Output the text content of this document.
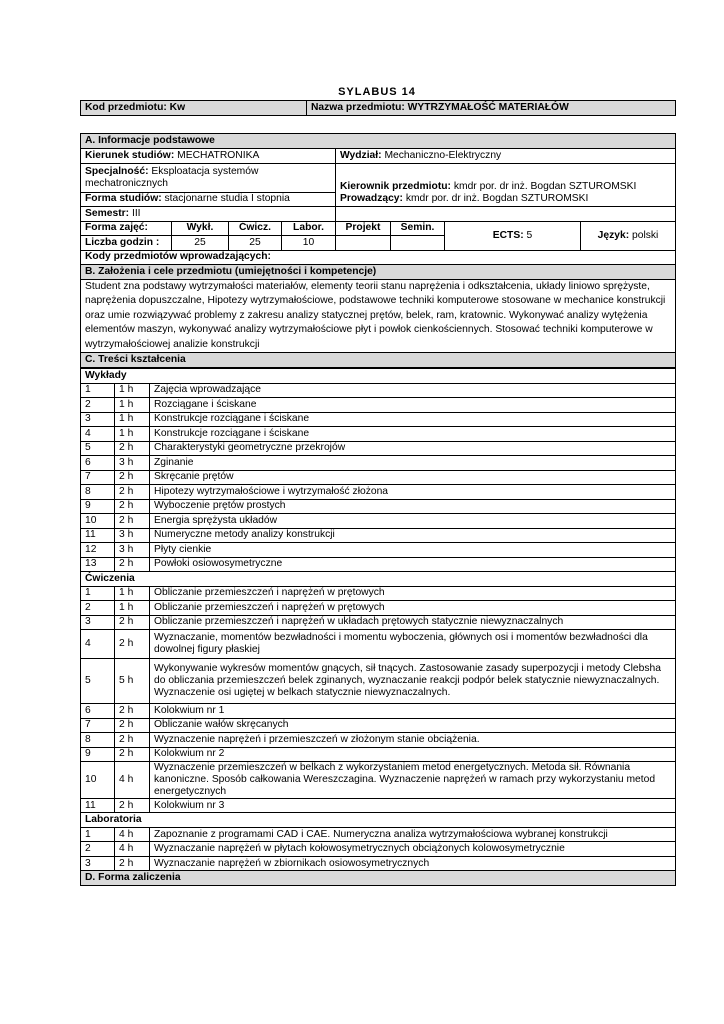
SYLABUS 14
Kod przedmiotu: Kw	Nazwa przedmiotu: WYTRZYMAŁOŚĆ MATERIAŁÓW
A. Informacje podstawowe							
Kierunek studiów: MECHATRONIKA				Wydział: Mechaniczno-Elektryczny			
Specjalność: Eksploatacja systemów mechatronicznych				Kierownik przedmiotu: kmdr por. dr inż. Bogdan SZTUROMSKI
Prowadzący: kmdr por. dr inż. Bogdan SZTUROMSKI			

Forma studiów: stacjonarne studia I stopnia							
Semestr: III							
Forma zajęć:	Wykł.	Ćwicz.	Labor.	Projekt	Semin.	ECTS: 5	Język: polski
Liczba godzin :	25	25	10				
Kody przedmiotów wprowadzających:							
B. Założenia i cele przedmiotu (umiejętności i kompetencje)							
Student zna podstawy wytrzymałości materiałów, elementy teorii stanu naprężenia i odkształcenia, układy liniowo sprężyste, naprężenia dopuszczalne, Hipotezy wytrzymałościowe, podstawowe techniki komputerowe stosowane w mechanice konstrukcji oraz umie rozwiązywać problemy z zakresu analizy statycznej prętów, belek, ram, kratownic. Wykonywać analizy wytężenia elementów maszyn, wykonywać analizy wytrzymałościowe płyt i powłok cienkościennych. Stosować techniki komputerowe w wytrzymałościowej analizie konstrukcji							
C. Treści kształcenia							
Wykłady		
1	1 h	Zajęcia wprowadzające
2	1 h	Rozciągane i ściskane
3	1 h	Konstrukcje rozciągane i ściskane
4	1 h	Konstrukcje rozciągane i ściskane
5	2 h	Charakterystyki geometryczne przekrojów
6	3 h	Zginanie
7	2 h	Skręcanie prętów
8	2 h	Hipotezy wytrzymałościowe i wytrzymałość złożona
9	2 h	Wyboczenie prętów prostych
10	2 h	Energia sprężysta układów
11	3 h	Numeryczne metody analizy konstrukcji
12	3 h	Płyty cienkie
13	2 h	Powłoki osiowosymetryczne
Ćwiczenia		
1	1 h	Obliczanie przemieszczeń i naprężeń w prętowych
2	1 h	Obliczanie przemieszczeń i naprężeń w prętowych
3	2 h	Obliczanie przemieszczeń i naprężeń w układach prętowych statycznie niewyznaczalnych
4	2 h	Wyznaczanie, momentów bezwładności i momentu wyboczenia, głównych osi i momentów bezwładności dla dowolnej figury płaskiej
5	5 h	Wykonywanie wykresów momentów gnących, sił tnących. Zastosowanie zasady superpozycji i metody Clebsha do obliczania przemieszczeń belek zginanych, wyznaczanie reakcji podpór belek statycznie niewyznaczalnych. Wyznaczenie osi ugiętej w belkach statycznie niewyznaczalnych.
6	2 h	Kolokwium nr 1
7	2 h	Obliczanie wałów skręcanych
8	2 h	Wyznaczenie naprężeń i przemieszczeń w złożonym stanie obciążenia.
9	2 h	Kolokwium nr 2
10	4 h	Wyznaczenie przemieszczeń w belkach z wykorzystaniem metod energetycznych. Metoda sił. Równania kanoniczne. Sposób całkowania Wereszczagina. Wyznaczenie naprężeń w ramach przy wykorzystaniu metod energetycznych
11	2 h	Kolokwium nr 3
Laboratoria		
1	4 h	Zapoznanie z programami CAD i CAE. Numeryczna analiza wytrzymałościowa wybranej konstrukcji
2	4 h	Wyznaczanie naprężeń w płytach kołowosymetrycznych obciążonych kolowosymetrycznie
3	2 h	Wyznaczanie naprężeń w zbiornikach osiowosymetrycznych
D. Forma zaliczenia		
